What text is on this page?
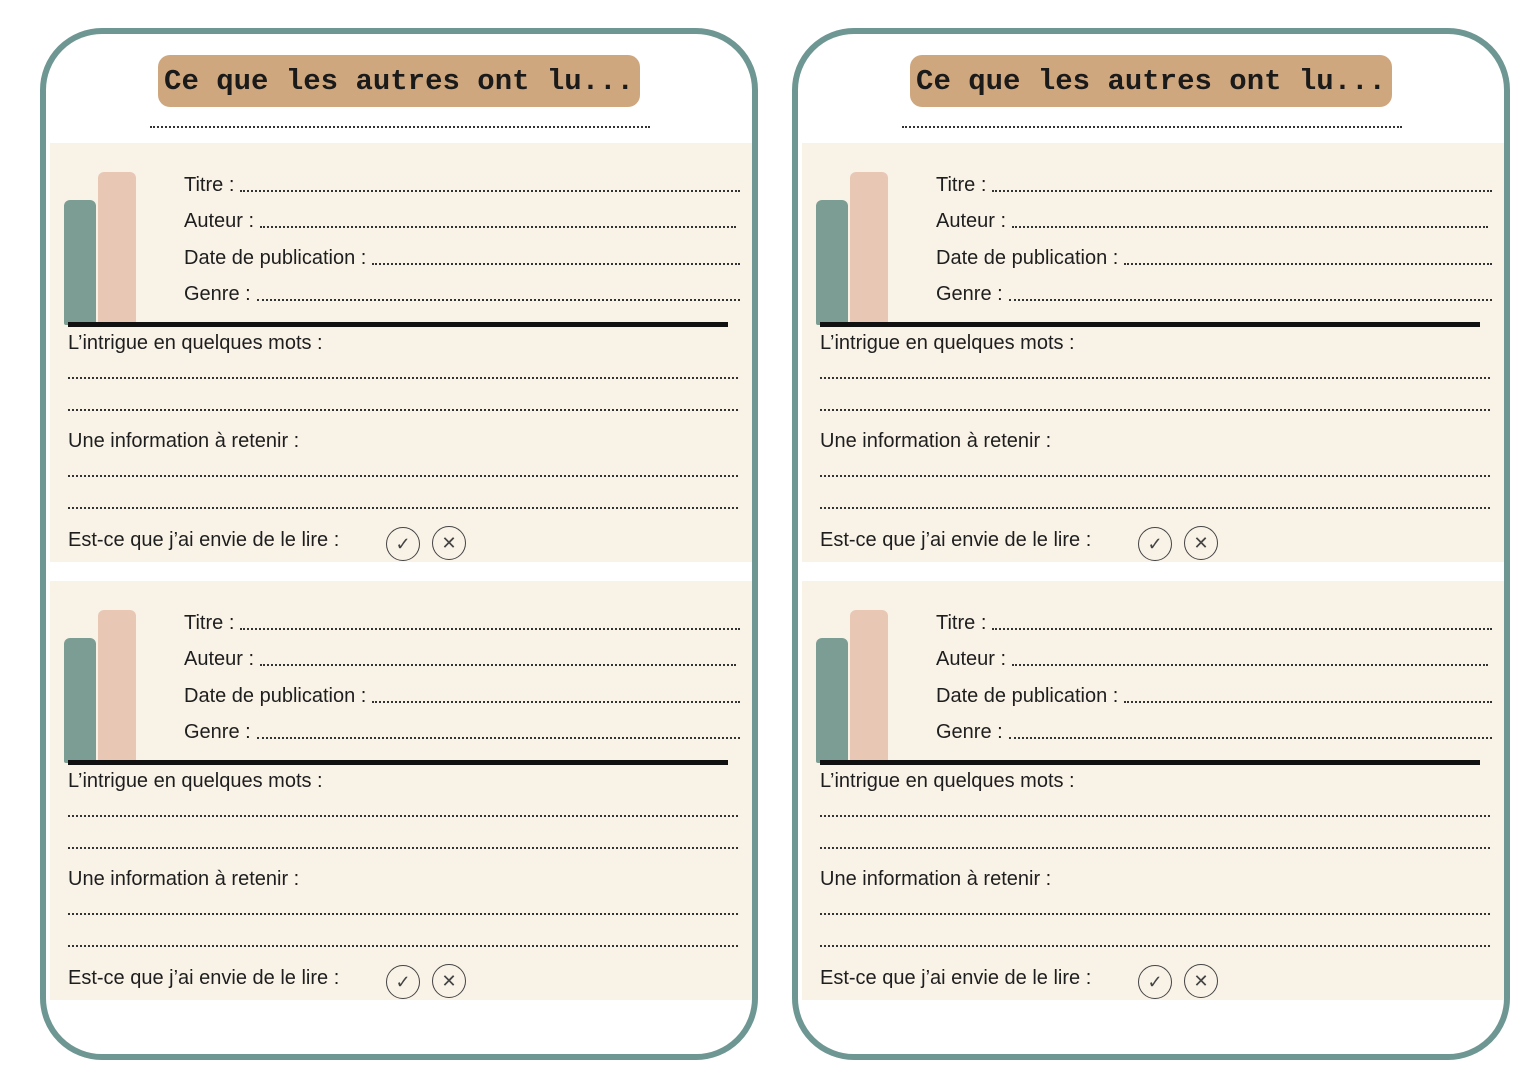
Ce que les autres ont lu...
Titre :
Auteur :
Date de publication :
Genre :
L’intrigue en quelques mots :
Une information à retenir :
Est-ce que j’ai envie de le lire :	✓	✕
Titre :
Auteur :
Date de publication :
Genre :
L’intrigue en quelques mots :
Une information à retenir :
Est-ce que j’ai envie de le lire :	✓	✕
Ce que les autres ont lu...
Titre :
Auteur :
Date de publication :
Genre :
L’intrigue en quelques mots :
Une information à retenir :
Est-ce que j’ai envie de le lire :	✓	✕
Titre :
Auteur :
Date de publication :
Genre :
L’intrigue en quelques mots :
Une information à retenir :
Est-ce que j’ai envie de le lire :	✓	✕
